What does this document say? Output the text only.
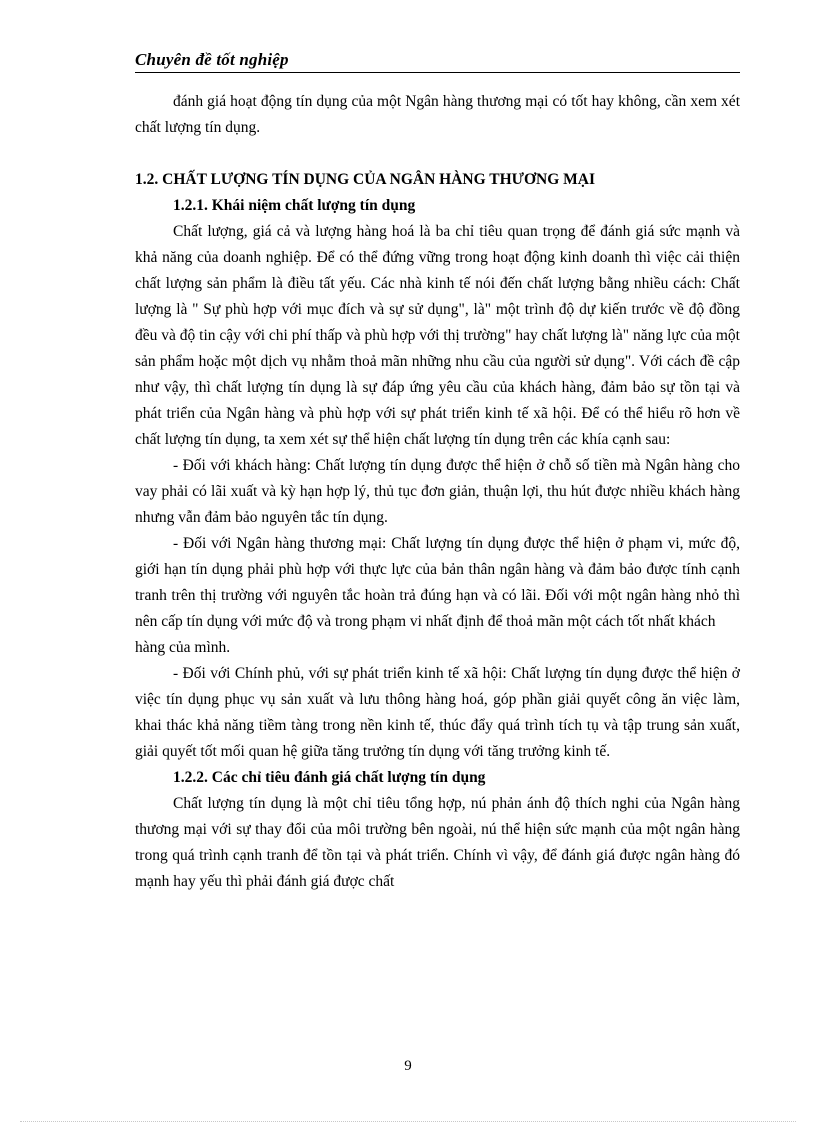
Chuyên đề tốt nghiệp

đánh giá hoạt động tín dụng của một Ngân hàng thương mại có tốt hay không, cần xem xét chất lượng tín dụng.

1.2. CHẤT LƯỢNG TÍN DỤNG CỦA NGÂN HÀNG THƯƠNG MẠI

1.2.1. Khái niệm chất lượng tín dụng

Chất lượng, giá cả và lượng hàng hoá là ba chỉ tiêu quan trọng để đánh giá sức mạnh và khả năng của doanh nghiệp. Để có thể đứng vững trong hoạt động kinh doanh thì việc cải thiện chất lượng sản phẩm là điều tất yếu. Các nhà kinh tế nói đến chất lượng bằng nhiều cách: Chất lượng là " Sự phù hợp với mục đích và sự sử dụng", là" một trình độ dự kiến trước về độ đồng đều và độ tin cậy với chi phí thấp và phù hợp với thị trường" hay chất lượng là" năng lực của một sản phẩm hoặc một dịch vụ nhằm thoả mãn những nhu cầu của người sử dụng". Với cách đề cập như vậy, thì chất lượng tín dụng là sự đáp ứng yêu cầu của khách hàng, đảm bảo sự tồn tại và phát triển của Ngân hàng và phù hợp với sự phát triển kinh tế xã hội. Để có thể hiểu rõ hơn về chất lượng tín dụng, ta xem xét sự thể hiện chất lượng tín dụng trên các khía cạnh sau:

- Đối với khách hàng: Chất lượng tín dụng được thể hiện ở chỗ số tiền mà Ngân hàng cho vay phải có lãi xuất và kỳ hạn hợp lý, thủ tục đơn giản, thuận lợi, thu hút được nhiều khách hàng nhưng vẫn đảm bảo nguyên tắc tín dụng.

- Đối với Ngân hàng thương mại: Chất lượng tín dụng được thể hiện ở phạm vi, mức độ, giới hạn tín dụng phải phù hợp với thực lực của bản thân ngân hàng và đảm bảo được tính cạnh tranh trên thị trường với nguyên tắc hoàn trả đúng hạn và có lãi. Đối với một ngân hàng nhỏ thì nên cấp tín dụng với mức độ và trong phạm vi nhất định để thoả mãn một cách tốt nhất khách

hàng của mình.

- Đối với Chính phủ, với sự phát triển kinh tế xã hội: Chất lượng tín dụng được thể hiện ở việc tín dụng phục vụ sản xuất và lưu thông hàng hoá, góp phần giải quyết công ăn việc làm, khai thác khả năng tiềm tàng trong nền kinh tế, thúc đẩy quá trình tích tụ và tập trung sản xuất, giải quyết tốt mối quan hệ giữa tăng trưởng tín dụng với tăng trưởng kinh tế.

1.2.2. Các chỉ tiêu đánh giá chất lượng tín dụng

Chất lượng tín dụng là một chỉ tiêu tổng hợp, nú phản ánh độ thích nghi của Ngân hàng thương mại với sự thay đổi của môi trường bên ngoài, nú thể hiện sức mạnh của một ngân hàng trong quá trình cạnh tranh để tồn tại và phát triển. Chính vì vậy, để đánh giá được ngân hàng đó mạnh hay yếu thì phải đánh giá được chất

9
